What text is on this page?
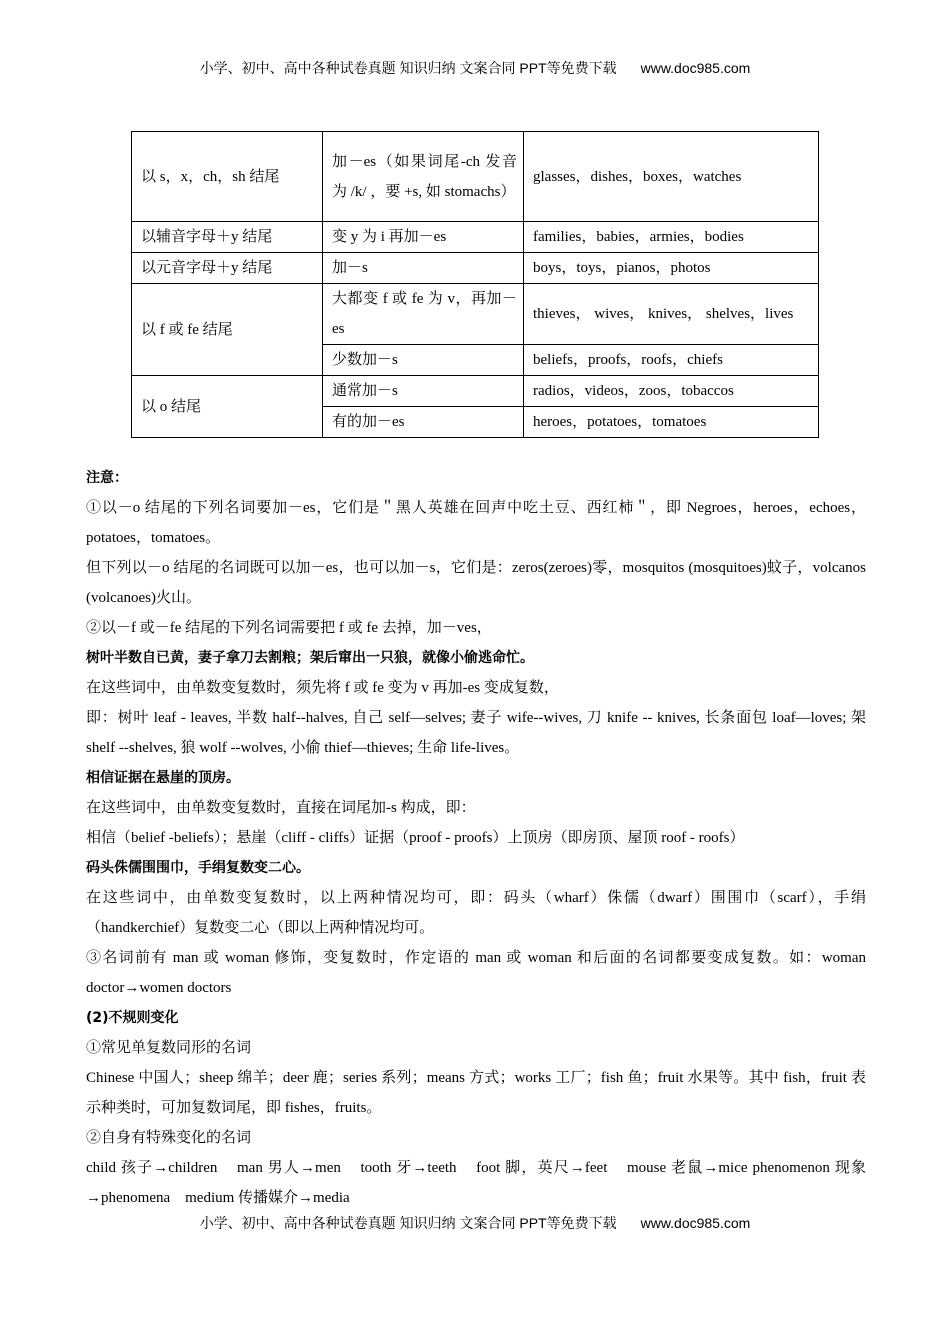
小学、初中、高中各种试卷真题 知识归纳 文案合同 PPT等免费下载 www.doc985.com
以 s，x，ch，sh 结尾	加－es（如果词尾-ch 发音为 /k/ ，要 +s, 如 stomachs）	glasses，dishes，boxes，watches
以辅音字母＋y 结尾	变 y 为 i 再加－es	families，babies，armies，bodies
以元音字母＋y 结尾	加－s	boys，toys，pianos，photos
以 f 或 fe 结尾	大都变 f 或 fe 为 v，再加－es	thieves， wives， knives， shelves，lives
	少数加－s	beliefs，proofs，roofs，chiefs
以 o 结尾	通常加－s	radios，videos，zoos，tobaccos
	有的加－es	heroes，potatoes，tomatoes

注意：

①以－o 结尾的下列名词要加－es，它们是＂黑人英雄在回声中吃土豆、西红柿＂，即 Negroes，heroes，echoes，potatoes，tomatoes。

但下列以－o 结尾的名词既可以加－es，也可以加－s，它们是：zeros(zeroes)零，mosquitos (mosquitoes)蚊子，volcanos (volcanoes)火山。

②以－f 或－fe 结尾的下列名词需要把 f 或 fe 去掉，加－ves，

树叶半数自已黄，妻子拿刀去割粮；架后窜出一只狼，就像小偷逃命忙。

在这些词中，由单数变复数时，须先将 f 或 fe 变为 v 再加-es 变成复数，

即：树叶 leaf - leaves, 半数 half--halves, 自己 self—selves; 妻子 wife--wives, 刀 knife -- knives, 长条面包 loaf—loves; 架 shelf --shelves, 狼 wolf --wolves, 小偷 thief—thieves; 生命 life-lives。

相信证据在悬崖的顶房。

在这些词中，由单数变复数时，直接在词尾加-s 构成，即：

相信（belief -beliefs）；悬崖（cliff - cliffs）证据（proof - proofs）上顶房（即房顶、屋顶 roof - roofs）

码头侏儒围围巾，手绢复数变二心。

在这些词中，由单数变复数时，以上两种情况均可，即：码头（wharf）侏儒（dwarf）围围巾（scarf），手绢（handkerchief）复数变二心（即以上两种情况均可。

③名词前有 man 或 woman 修饰，变复数时，作定语的 man 或 woman 和后面的名词都要变成复数。如：woman doctor→women doctors

(2)不规则变化

①常见单复数同形的名词

Chinese 中国人；sheep 绵羊；deer 鹿；series 系列；means 方式；works 工厂；fish 鱼；fruit 水果等。其中 fish，fruit 表示种类时，可加复数词尾，即 fishes，fruits。

②自身有特殊变化的名词

child 孩子→children    man 男人→men    tooth 牙→teeth    foot 脚，英尺→feet    mouse 老鼠→mice phenomenon 现象→phenomena    medium 传播媒介→media

小学、初中、高中各种试卷真题 知识归纳 文案合同 PPT等免费下载 www.doc985.com
